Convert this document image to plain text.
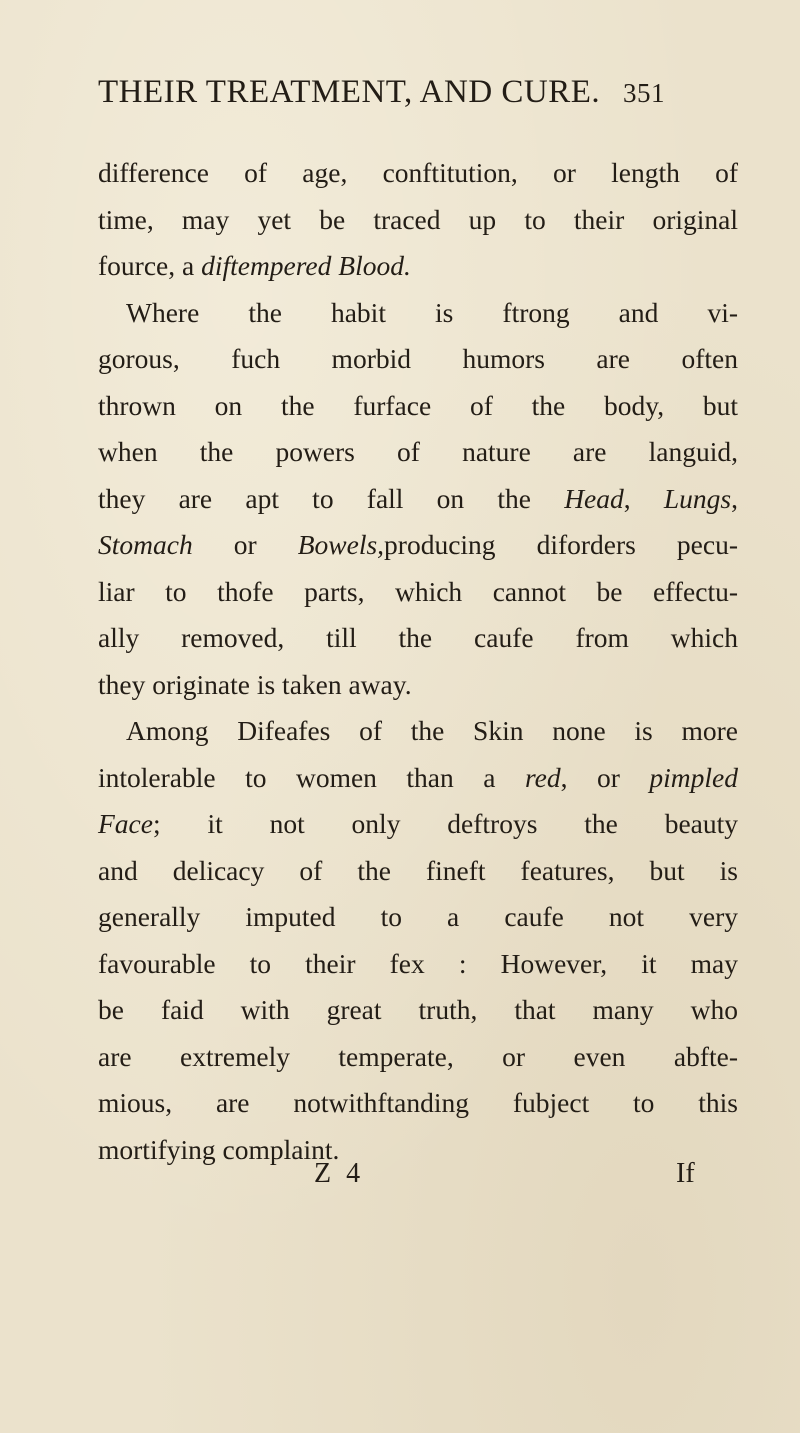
THEIR TREATMENT, AND CURE. 351
difference of age, conftitution, or length of
time, may yet be traced up to their original
fource, a diftempered Blood.
Where the habit is ftrong and vi-
gorous, fuch morbid humors are often
thrown on the furface of the body, but
when the powers of nature are languid,
they are apt to fall on the Head, Lungs,
Stomach or Bowels,producing diforders pecu-
liar to thofe parts, which cannot be effectu-
ally removed, till the caufe from which
they originate is taken away.
Among Difeafes of the Skin none is more
intolerable to women than a red, or pimpled
Face; it not only deftroys the beauty
and delicacy of the fineft features, but is
generally imputed to a caufe not very
favourable to their fex : However, it may
be faid with great truth, that many who
are extremely temperate, or even abfte-
mious, are notwithftanding fubject to this
mortifying complaint.
Z 4	If
